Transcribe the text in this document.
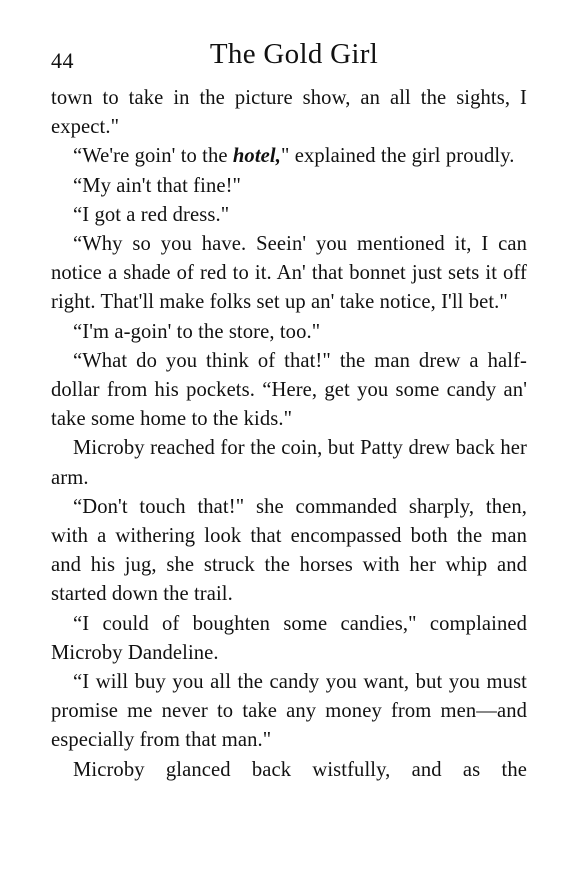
44	The Gold Girl

town to take in the picture show, an all the sights, I expect."

“We're goin' to the hotel," explained the girl proudly.

“My ain't that fine!"

“I got a red dress."

“Why so you have. Seein' you mentioned it, I can notice a shade of red to it. An' that bonnet just sets it off right. That'll make folks set up an' take notice, I'll bet."

“I'm a-goin' to the store, too."

“What do you think of that!" the man drew a half-dollar from his pockets. “Here, get you some candy an' take some home to the kids."

Microby reached for the coin, but Patty drew back her arm.

“Don't touch that!" she commanded sharply, then, with a withering look that encompassed both the man and his jug, she struck the horses with her whip and started down the trail.

“I could of boughten some candies," complained Microby Dandeline.

“I will buy you all the candy you want, but you must promise me never to take any money from men—and especially from that man."

Microby glanced back wistfully, and as the
